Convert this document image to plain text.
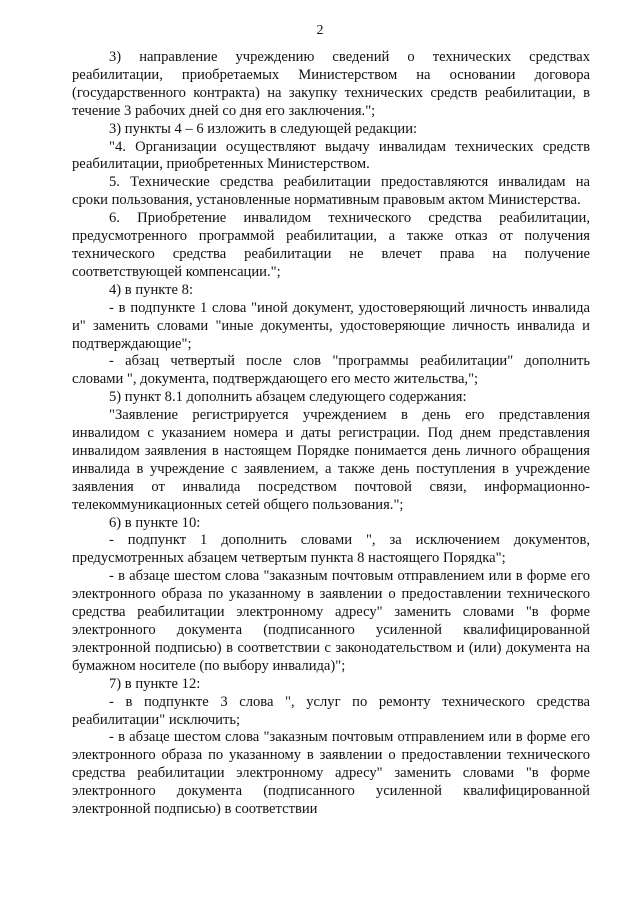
2

3) направление учреждению сведений о технических средствах реабилитации, приобретаемых Министерством на основании договора (государственного контракта) на закупку технических средств реабилитации, в течение 3 рабочих дней со дня его заключения.";

3) пункты 4 – 6 изложить в следующей редакции:

"4. Организации осуществляют выдачу инвалидам технических средств реабилитации, приобретенных Министерством.

5. Технические средства реабилитации предоставляются инвалидам на сроки пользования, установленные нормативным правовым актом Министерства.

6. Приобретение инвалидом технического средства реабилитации, предусмотренного программой реабилитации, а также отказ от получения технического средства реабилитации не влечет права на получение соответствующей компенсации.";

4) в пункте 8:

- в подпункте 1 слова "иной документ, удостоверяющий личность инвалида и" заменить словами "иные документы, удостоверяющие личность инвалида и подтверждающие";

- абзац четвертый после слов "программы реабилитации" дополнить словами ", документа, подтверждающего его место жительства,";

5) пункт 8.1 дополнить абзацем следующего содержания:

"Заявление регистрируется учреждением в день его представления инвалидом с указанием номера и даты регистрации. Под днем представления инвалидом заявления в настоящем Порядке понимается день личного обращения инвалида в учреждение с заявлением, а также день поступления в учреждение заявления от инвалида посредством почтовой связи, информационно-телекоммуникационных сетей общего пользования.";

6) в пункте 10:

- подпункт 1 дополнить словами ", за исключением документов, предусмотренных абзацем четвертым пункта 8 настоящего Порядка";

- в абзаце шестом слова "заказным почтовым отправлением или в форме его электронного образа по указанному в заявлении о предоставлении технического средства реабилитации электронному адресу" заменить словами "в форме электронного документа (подписанного усиленной квалифицированной электронной подписью) в соответствии с законодательством и (или) документа на бумажном носителе (по выбору инвалида)";

7) в пункте 12:

- в подпункте 3 слова ", услуг по ремонту технического средства реабилитации" исключить;

- в абзаце шестом слова "заказным почтовым отправлением или в форме его электронного образа по указанному в заявлении о предоставлении технического средства реабилитации электронному адресу" заменить словами "в форме электронного документа (подписанного усиленной квалифицированной электронной подписью) в соответствии
